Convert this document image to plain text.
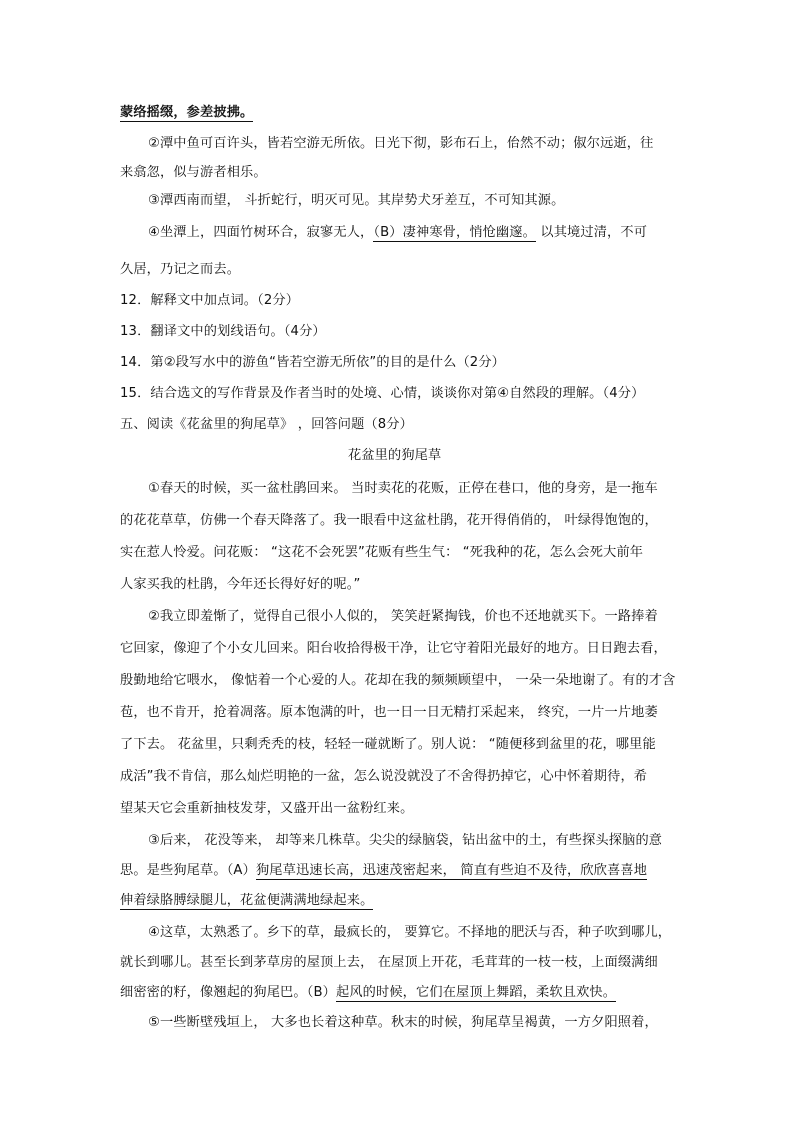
蒙络摇缀，参差披拂。
②潭中鱼可百许头，皆若空游无所依。日光下彻，影布石上，佁然不动；俶尔远逝，往
来翕忽，似与游者相乐。
③潭西南而望， 斗折蛇行，明灭可见。其岸势犬牙差互，不可知其源。
④坐潭上，四面竹树环合，寂寥无人，（B）凄神寒骨，悄怆幽邃。 以其境过清，不可
久居，乃记之而去。
12．解释文中加点词。（2分）
13．翻译文中的划线语句。（4分）
14．第②段写水中的游鱼“皆若空游无所依”的目的是什么（2分）
15．结合选文的写作背景及作者当时的处境、心情，谈谈你对第④自然段的理解。（4分）
五、阅读《花盆里的狗尾草》 ，回答问题（8分）
花盆里的狗尾草
①春天的时候，买一盆杜鹃回来。 当时卖花的花贩，正停在巷口，他的身旁，是一拖车
的花花草草，仿佛一个春天降落了。我一眼看中这盆杜鹃，花开得俏俏的， 叶绿得饱饱的，
实在惹人怜爱。问花贩： “这花不会死罢”花贩有些生气： “死我种的花，怎么会死大前年
人家买我的杜鹃，今年还长得好好的呢。”
②我立即羞惭了，觉得自己很小人似的， 笑笑赶紧掏钱，价也不还地就买下。一路捧着
它回家，像迎了个小女儿回来。阳台收拾得极干净，让它守着阳光最好的地方。日日跑去看，
殷勤地给它喂水， 像惦着一个心爱的人。花却在我的频频顾望中， 一朵一朵地谢了。有的才含
苞，也不肯开，抢着凋落。原本饱满的叶，也一日一日无精打采起来， 终究，一片一片地萎
了下去。 花盆里，只剩秃秃的枝，轻轻一碰就断了。别人说： “随便移到盆里的花，哪里能
成活”我不肯信，那么灿烂明艳的一盆，怎么说没就没了不舍得扔掉它，心中怀着期待，希
望某天它会重新抽枝发芽，又盛开出一盆粉红来。
③后来， 花没等来， 却等来几株草。尖尖的绿脑袋，钻出盆中的土，有些探头探脑的意
思。是些狗尾草。（A）狗尾草迅速长高，迅速茂密起来， 简直有些迫不及待，欣欣喜喜地
伸着绿胳膊绿腿儿，花盆便满满地绿起来。
④这草，太熟悉了。乡下的草，最疯长的， 要算它。不择地的肥沃与否，种子吹到哪儿，
就长到哪儿。甚至长到茅草房的屋顶上去， 在屋顶上开花，毛茸茸的一枝一枝，上面缀满细
细密密的籽，像翘起的狗尾巴。（B）起风的时候，它们在屋顶上舞蹈，柔软且欢快。
⑤一些断壁残垣上， 大多也长着这种草。秋末的时候，狗尾草呈褐黄，一方夕阳照着，
